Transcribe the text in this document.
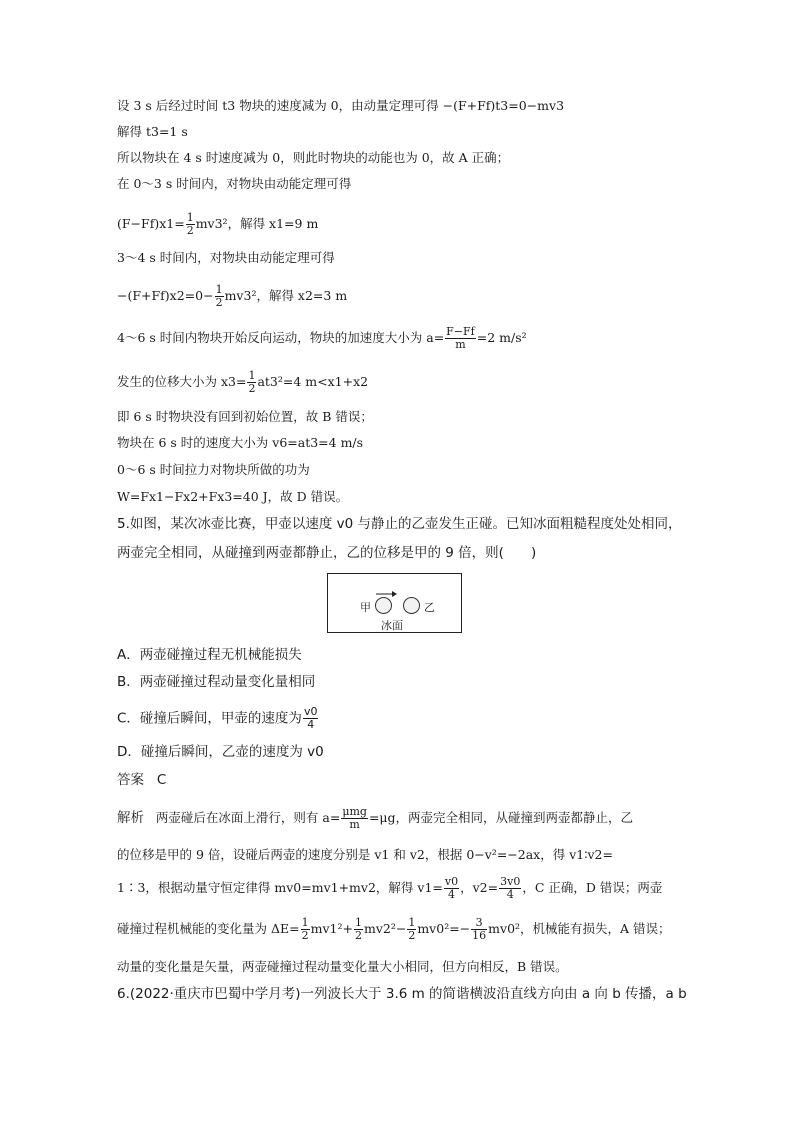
设 3 s 后经过时间 t3 物块的速度减为 0，由动量定理可得 −(F+Ff)t3=0−mv3
解得 t3=1 s
所以物块在 4 s 时速度减为 0，则此时物块的动能也为 0，故 A 正确；
在 0～3 s 时间内，对物块由动能定理可得
$(F-Ff)x1= \frac{1}{2} mv3^2$，解得 x1=9 m
3～4 s 时间内，对物块由动能定理可得
$-(F+Ff)x2=0- \frac{1}{2} mv3^2$，解得 x2=3 m
4～6 s 时间内物块开始反向运动，物块的加速度大小为 $a= \frac{F-Ff}{m} =2$ m/s²
发生的位移大小为 $x3= \frac{1}{2} at3^2=4$ m<x1+x2
即 6 s 时物块没有回到初始位置，故 B 错误；
物块在 6 s 时的速度大小为 v6=at3=4 m/s
0～6 s 时间拉力对物块所做的功为
W=Fx1−Fx2+Fx3=40 J，故 D 错误。
5.如图，某次冰壶比赛，甲壶以速度 v0 与静止的乙壶发生正碰。已知冰面粗糙程度处处相同，
两壶完全相同，从碰撞到两壶都静止，乙的位移是甲的 9 倍，则(　　)
甲	乙
冰面
A．两壶碰撞过程无机械能损失
B．两壶碰撞过程动量变化量相同
C．碰撞后瞬间，甲壶的速度为 $\frac{v0}{4}$
D．碰撞后瞬间，乙壶的速度为 v0
答案 C
解析 两壶碰后在冰面上滑行，则有 $a= \frac{\text{μmg}}{m} =\mu g$，两壶完全相同，从碰撞到两壶都静止，乙
的位移是甲的 9 倍，设碰后两壶的速度分别是 v1 和 v2，根据 0−v²=−2ax，得 v1∶v2=
1∶3，根据动量守恒定律得 mv0=mv1+mv2，解得 $v1= \frac{v0}{4}$ ，$v2= \frac{3v0}{4}$ ，C 正确，D 错误；两壶
碰撞过程机械能的变化量为 $\Delta E= \frac{1}{2} mv1^2+ \frac{1}{2} mv2^2- \frac{1}{2} mv0^2=- \frac{3}{16} mv0^2$，机械能有损失，A 错误；
动量的变化量是矢量，两壶碰撞过程动量变化量大小相同，但方向相反，B 错误。
6.(2022·重庆市巴蜀中学月考)一列波长大于 3.6 m 的简谐横波沿直线方向由 a 向 b 传播，a b
